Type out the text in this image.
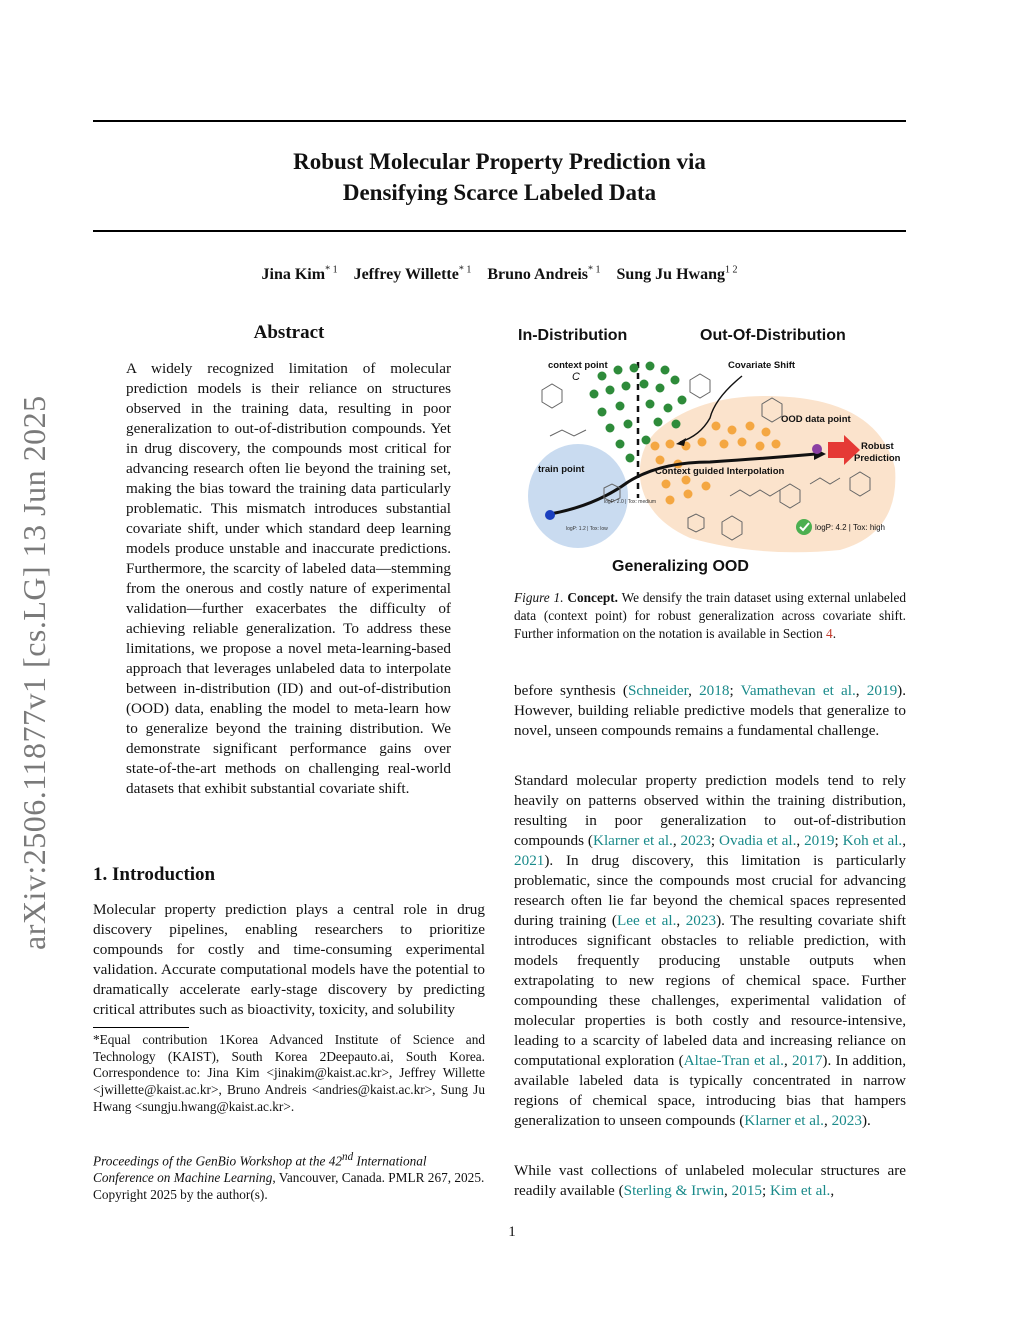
Robust Molecular Property Prediction via
Densifying Scarce Labeled Data
Jina Kim$^{* 1}$ Jeffrey Willette$^{* 1}$ Bruno Andreis$^{* 1}$ Sung Ju Hwang$^{1 2}$
arXiv:2506.11877v1 [cs.LG] 13 Jun 2025
Abstract
A widely recognized limitation of molecular prediction models is their reliance on structures observed in the training data, resulting in poor generalization to out-of-distribution compounds. Yet in drug discovery, the compounds most critical for advancing research often lie beyond the training set, making the bias toward the training data particularly problematic. This mismatch introduces substantial covariate shift, under which standard deep learning models produce unstable and inaccurate predictions. Furthermore, the scarcity of labeled data—stemming from the onerous and costly nature of experimental validation—further exacerbates the difficulty of achieving reliable generalization. To address these limitations, we propose a novel meta-learning-based approach that leverages unlabeled data to interpolate between in-distribution (ID) and out-of-distribution (OOD) data, enabling the model to meta-learn how to generalize beyond the training distribution. We demonstrate significant performance gains over state-of-the-art methods on challenging real-world datasets that exhibit substantial covariate shift.
1. Introduction
Molecular property prediction plays a central role in drug discovery pipelines, enabling researchers to prioritize compounds for costly and time-consuming experimental validation. Accurate computational models have the potential to dramatically accelerate early-stage discovery by predicting critical attributes such as bioactivity, toxicity, and solubility
*Equal contribution 1Korea Advanced Institute of Science and Technology (KAIST), South Korea 2Deepauto.ai, South Korea. Correspondence to: Jina Kim <jinakim@kaist.ac.kr>, Jeffrey Willette <jwillette@kaist.ac.kr>, Bruno Andreis <andries@kaist.ac.kr>, Sung Ju Hwang <sungju.hwang@kaist.ac.kr>.
Proceedings of the GenBio Workshop at the 42nd International Conference on Machine Learning, Vancouver, Canada. PMLR 267, 2025. Copyright 2025 by the author(s).
In-Distribution	Out-Of-Distribution
context point
C
Covariate Shift
OOD data point
train point	Context guided Interpolation
Robust
Prediction
logP: 2.0 | Tox: medium
logP: 1.2 | Tox: low	logP: 4.2 | Tox: high
Generalizing OOD
Figure 1. Concept. We densify the train dataset using external unlabeled data (context point) for robust generalization across covariate shift. Further information on the notation is available in Section 4.
before synthesis (Schneider, 2018; Vamathevan et al., 2019). However, building reliable predictive models that generalize to novel, unseen compounds remains a fundamental challenge.
Standard molecular property prediction models tend to rely heavily on patterns observed within the training distribution, resulting in poor generalization to out-of-distribution compounds (Klarner et al., 2023; Ovadia et al., 2019; Koh et al., 2021). In drug discovery, this limitation is particularly problematic, since the compounds most crucial for advancing research often lie far beyond the chemical spaces represented during training (Lee et al., 2023). The resulting covariate shift introduces significant obstacles to reliable prediction, with models frequently producing unstable outputs when extrapolating to new regions of chemical space. Further compounding these challenges, experimental validation of molecular properties is both costly and resource-intensive, leading to a scarcity of labeled data and increasing reliance on computational exploration (Altae-Tran et al., 2017). In addition, available labeled data is typically concentrated in narrow regions of chemical space, introducing bias that hampers generalization to unseen compounds (Klarner et al., 2023).
While vast collections of unlabeled molecular structures are readily available (Sterling & Irwin, 2015; Kim et al.,
1
